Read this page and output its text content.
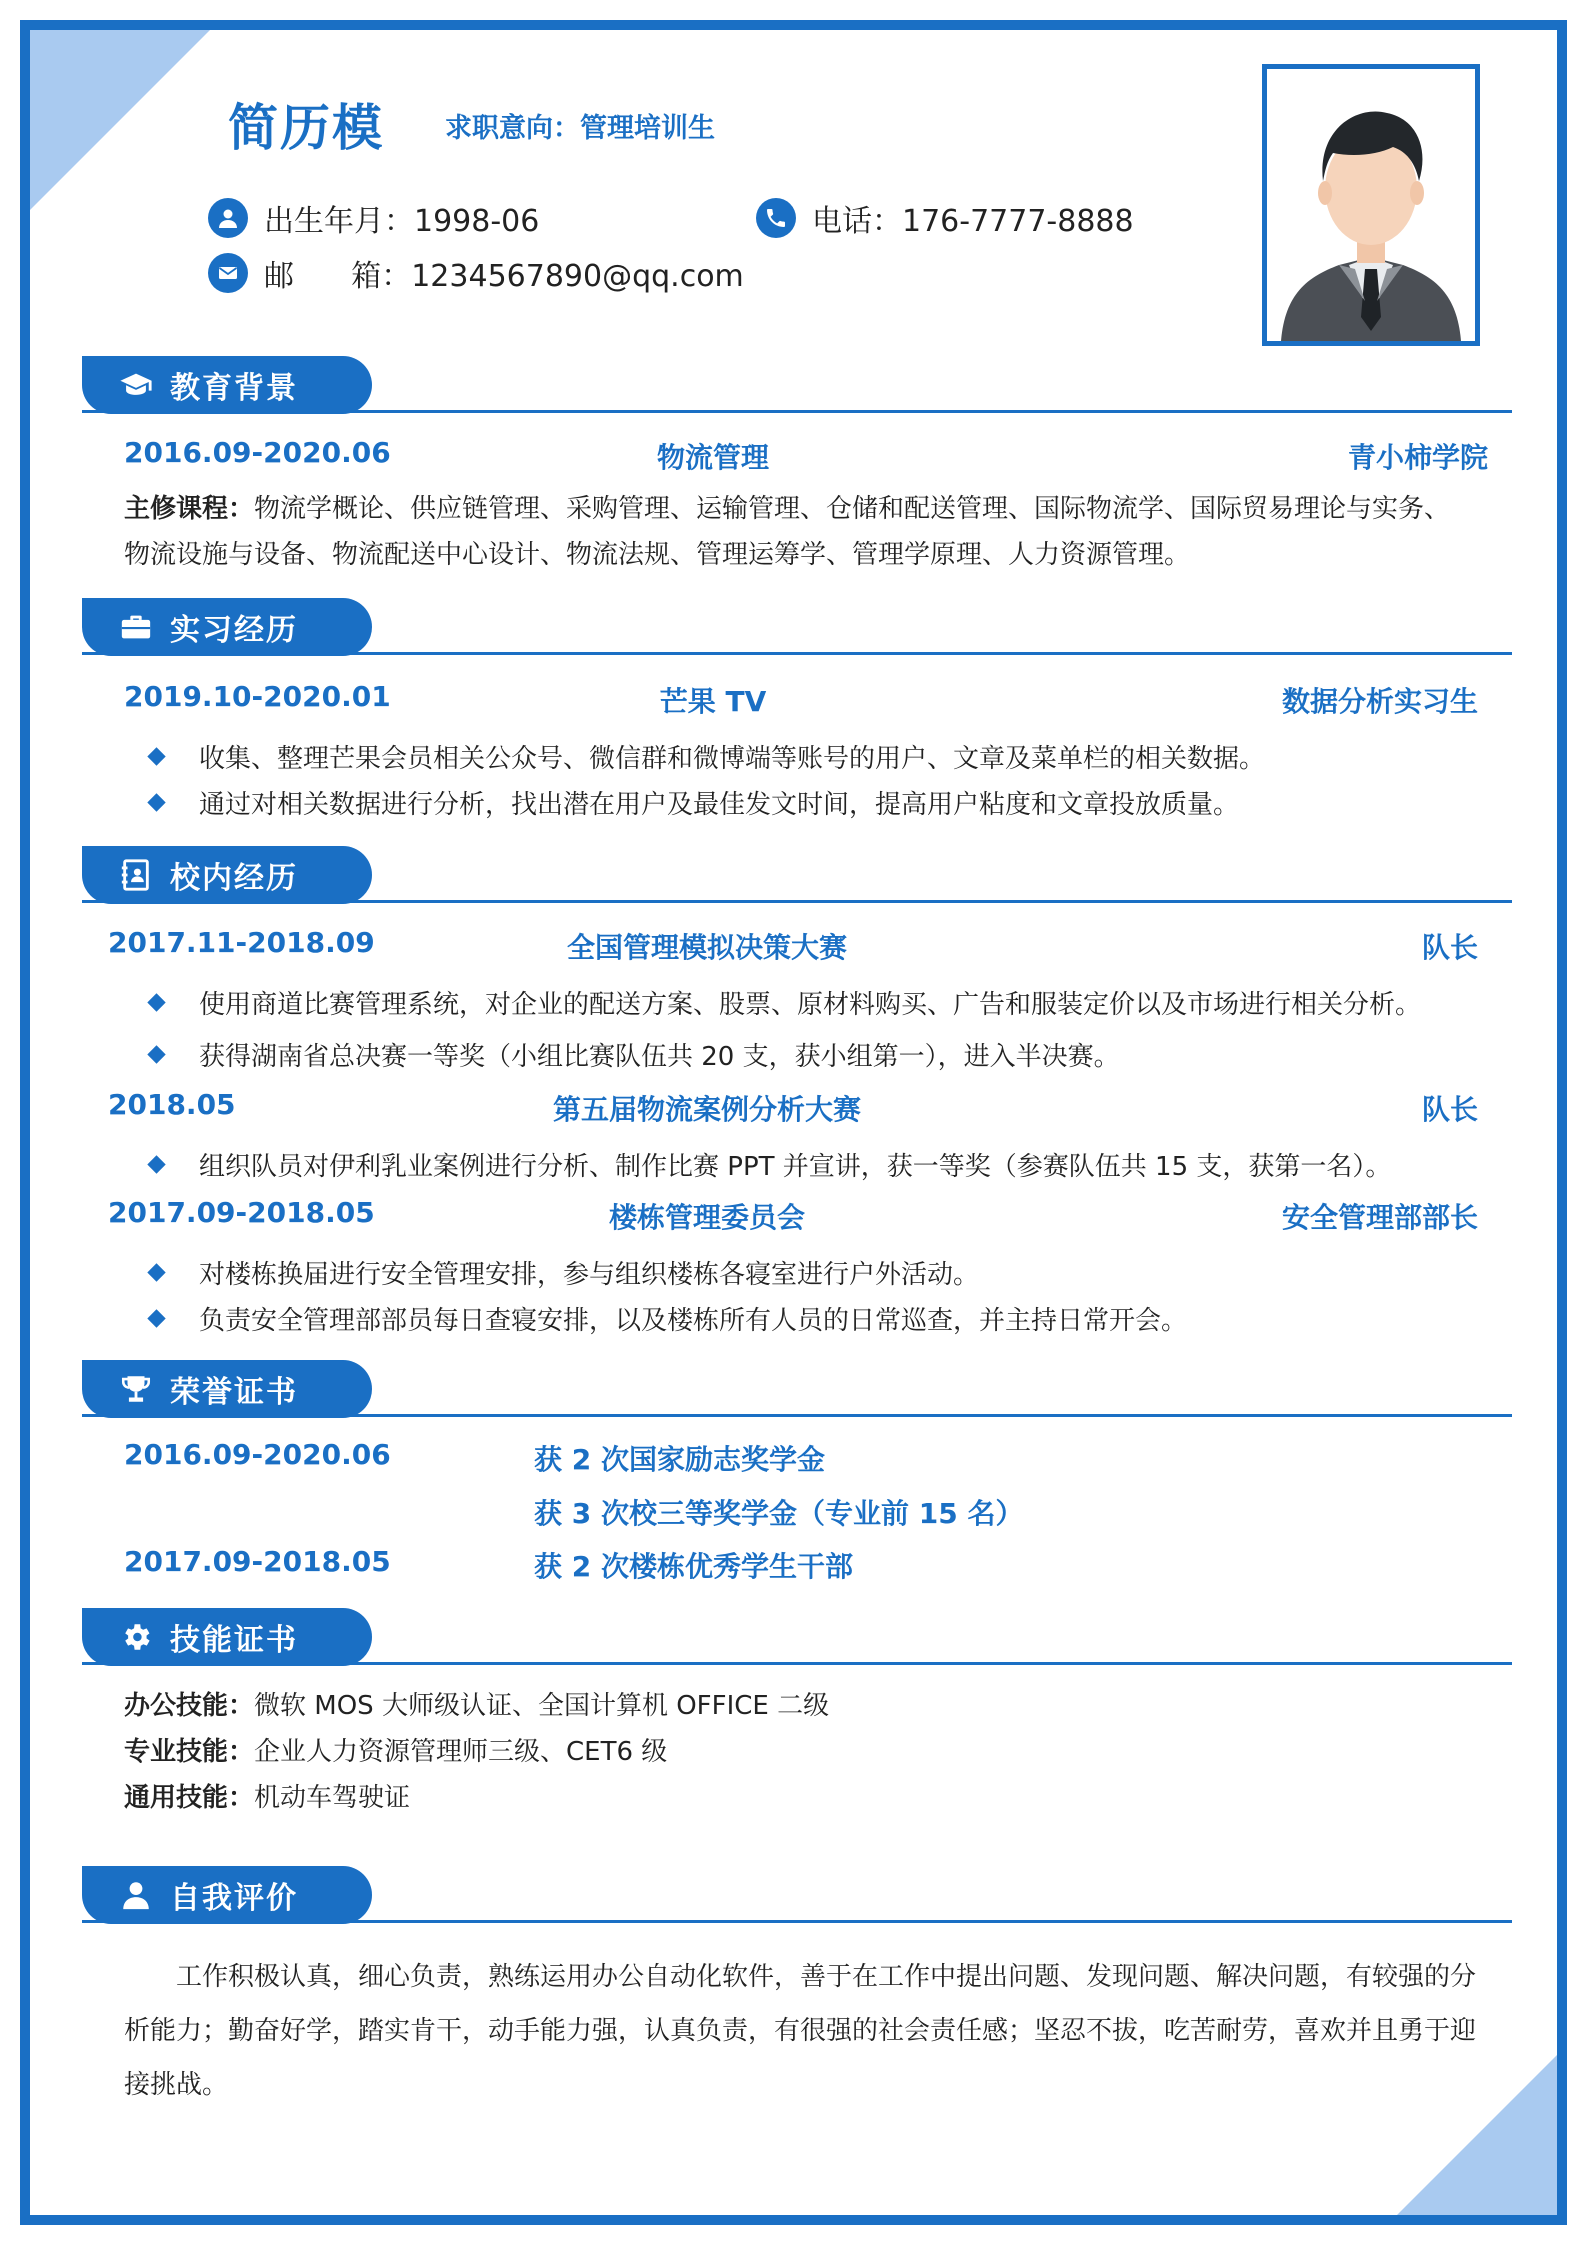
简历模 求职意向：管理培训生
出生年月：1998-06	电话：176-7777-8888
邮      箱：1234567890@qq.com
教育背景
2016.09-2020.06	物流管理	青小柿学院
主修课程：物流学概论、供应链管理、采购管理、运输管理、仓储和配送管理、国际物流学、国际贸易理论与实务、
物流设施与设备、物流配送中心设计、物流法规、管理运筹学、管理学原理、人力资源管理。
实习经历
2019.10-2020.01	芒果 TV	数据分析实习生
收集、整理芒果会员相关公众号、微信群和微博端等账号的用户、文章及菜单栏的相关数据。
通过对相关数据进行分析，找出潜在用户及最佳发文时间，提高用户粘度和文章投放质量。
校内经历
2017.11-2018.09	全国管理模拟决策大赛	队长
使用商道比赛管理系统，对企业的配送方案、股票、原材料购买、广告和服装定价以及市场进行相关分析。
获得湖南省总决赛一等奖（小组比赛队伍共 20 支，获小组第一），进入半决赛。
2018.05	第五届物流案例分析大赛	队长
组织队员对伊利乳业案例进行分析、制作比赛 PPT 并宣讲，获一等奖（参赛队伍共 15 支，获第一名）。
2017.09-2018.05	楼栋管理委员会	安全管理部部长
对楼栋换届进行安全管理安排，参与组织楼栋各寝室进行户外活动。
负责安全管理部部员每日查寝安排，以及楼栋所有人员的日常巡查，并主持日常开会。
荣誉证书
2016.09-2020.06	获 2 次国家励志奖学金
获 3 次校三等奖学金（专业前 15 名）
2017.09-2018.05	获 2 次楼栋优秀学生干部
技能证书
办公技能：微软 MOS 大师级认证、全国计算机 OFFICE 二级
专业技能：企业人力资源管理师三级、CET6 级
通用技能：机动车驾驶证
自我评价
工作积极认真，细心负责，熟练运用办公自动化软件，善于在工作中提出问题、发现问题、解决问题，有较强的分析能力；勤奋好学，踏实肯干，动手能力强，认真负责，有很强的社会责任感；坚忍不拔，吃苦耐劳，喜欢并且勇于迎接挑战。
